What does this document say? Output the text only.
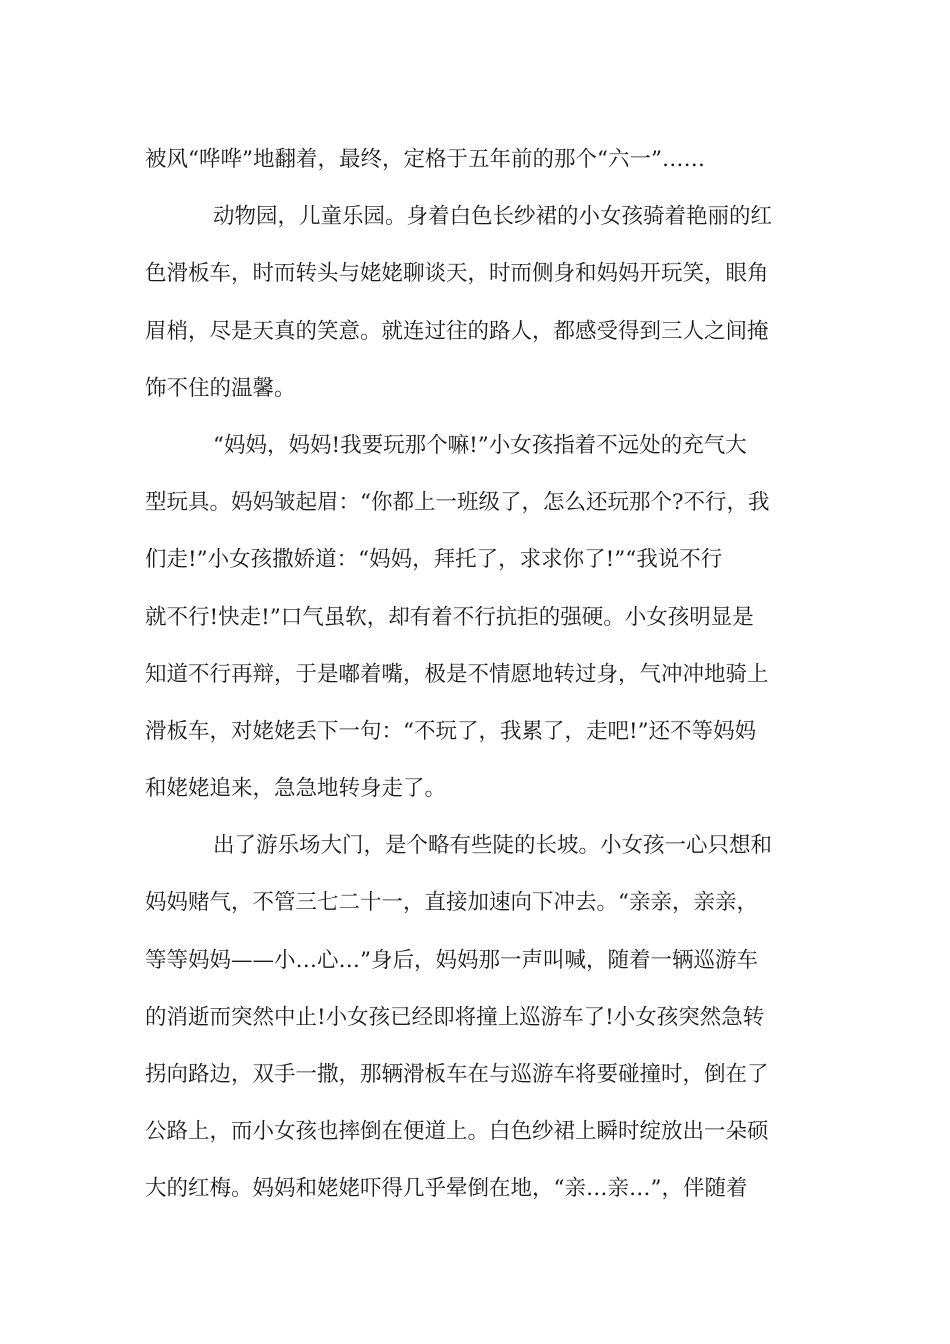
被风“哗哗”地翻着，最终，定格于五年前的那个“六一”……
动物园，儿童乐园。身着白色长纱裙的小女孩骑着艳丽的红
色滑板车，时而转头与姥姥聊谈天，时而侧身和妈妈开玩笑，眼角
眉梢，尽是天真的笑意。就连过往的路人，都感受得到三人之间掩
饰不住的温馨。
“妈妈，妈妈!我要玩那个嘛!”小女孩指着不远处的充气大
型玩具。妈妈皱起眉：“你都上一班级了，怎么还玩那个?不行，我
们走!”小女孩撒娇道：“妈妈，拜托了，求求你了!”“我说不行
就不行!快走!”口气虽软，却有着不行抗拒的强硬。小女孩明显是
知道不行再辩，于是嘟着嘴，极是不情愿地转过身，气冲冲地骑上
滑板车，对姥姥丢下一句：“不玩了，我累了，走吧!”还不等妈妈
和姥姥追来，急急地转身走了。
出了游乐场大门，是个略有些陡的长坡。小女孩一心只想和
妈妈赌气，不管三七二十一，直接加速向下冲去。“亲亲，亲亲，
等等妈妈——小…心…”身后，妈妈那一声叫喊，随着一辆巡游车
的消逝而突然中止!小女孩已经即将撞上巡游车了!小女孩突然急转
拐向路边，双手一撒，那辆滑板车在与巡游车将要碰撞时，倒在了
公路上，而小女孩也摔倒在便道上。白色纱裙上瞬时绽放出一朵硕
大的红梅。妈妈和姥姥吓得几乎晕倒在地，“亲…亲…”，伴随着
